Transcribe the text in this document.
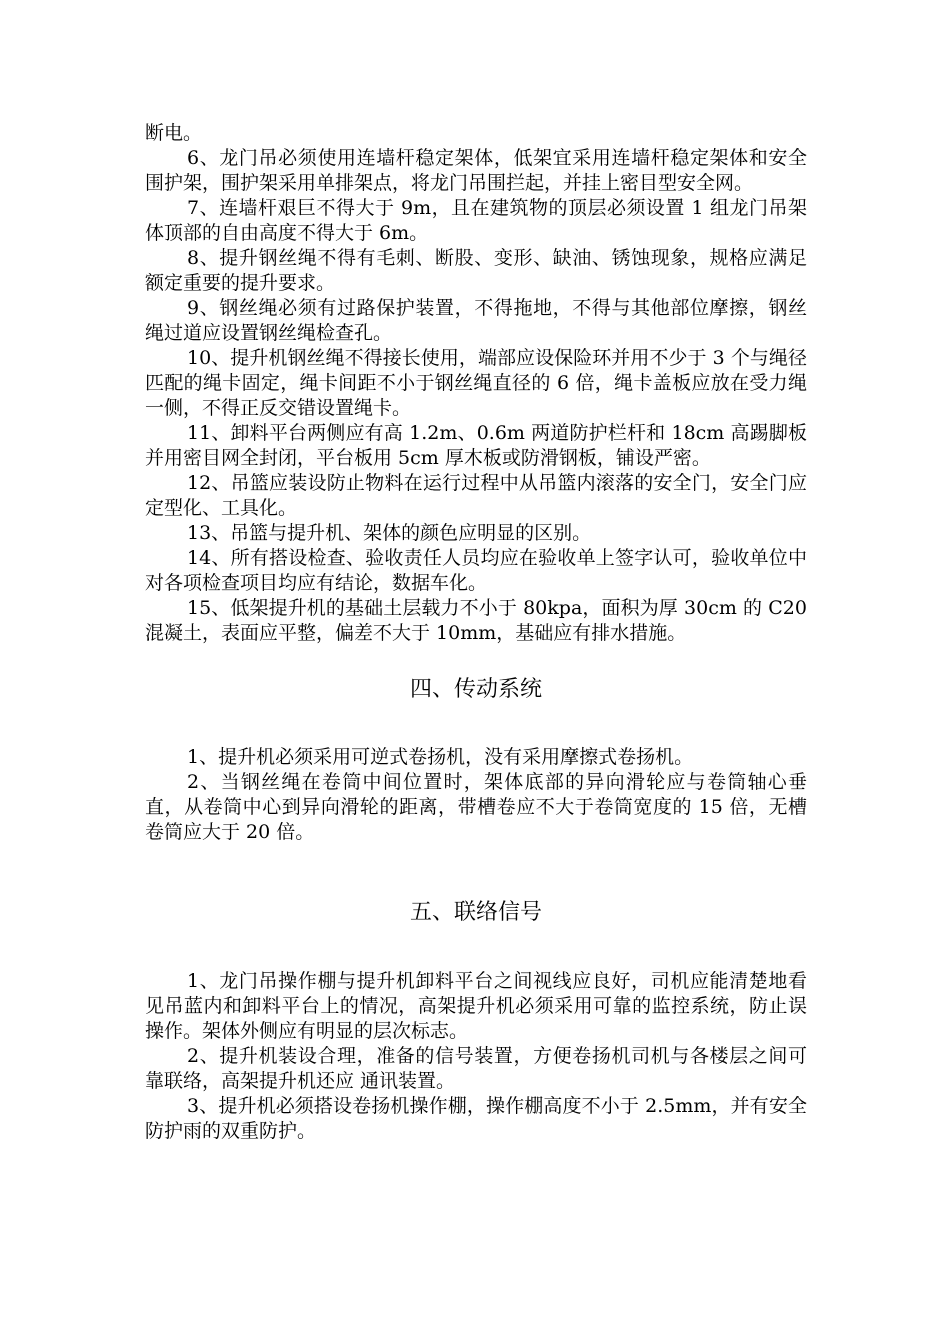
断电。

6、龙门吊必须使用连墙杆稳定架体，低架宜采用连墙杆稳定架体和安全围护架，围护架采用单排架点，将龙门吊围拦起，并挂上密目型安全网。

7、连墙杆艰巨不得大于 9m，且在建筑物的顶层必须设置 1 组龙门吊架体顶部的自由高度不得大于 6m。

8、提升钢丝绳不得有毛刺、断股、变形、缺油、锈蚀现象，规格应满足额定重要的提升要求。

9、钢丝绳必须有过路保护装置，不得拖地，不得与其他部位摩擦，钢丝绳过道应设置钢丝绳检查孔。

10、提升机钢丝绳不得接长使用，端部应设保险环并用不少于 3 个与绳径匹配的绳卡固定，绳卡间距不小于钢丝绳直径的 6 倍，绳卡盖板应放在受力绳一侧，不得正反交错设置绳卡。

11、卸料平台两侧应有高 1.2m、0.6m 两道防护栏杆和 18cm 高踢脚板并用密目网全封闭，平台板用 5cm 厚木板或防滑钢板，铺设严密。

12、吊篮应装设防止物料在运行过程中从吊篮内滚落的安全门，安全门应定型化、工具化。

13、吊篮与提升机、架体的颜色应明显的区别。

14、所有搭设检查、验收责任人员均应在验收单上签字认可，验收单位中对各项检查项目均应有结论，数据车化。

15、低架提升机的基础土层载力不小于 80kpa，面积为厚 30cm 的 C20 混凝土，表面应平整，偏差不大于 10mm，基础应有排水措施。

四、传动系统

1、提升机必须采用可逆式卷扬机，没有采用摩擦式卷扬机。

2、当钢丝绳在卷筒中间位置时，架体底部的异向滑轮应与卷筒轴心垂直，从卷筒中心到异向滑轮的距离，带槽卷应不大于卷筒宽度的 15 倍，无槽卷筒应大于 20 倍。

五、联络信号

1、龙门吊操作棚与提升机卸料平台之间视线应良好，司机应能清楚地看见吊蓝内和卸料平台上的情况，高架提升机必须采用可靠的监控系统，防止误操作。架体外侧应有明显的层次标志。

2、提升机装设合理，准备的信号装置，方便卷扬机司机与各楼层之间可靠联络，高架提升机还应 通讯装置。

3、提升机必须搭设卷扬机操作棚，操作棚高度不小于 2.5mm，并有安全防护雨的双重防护。
